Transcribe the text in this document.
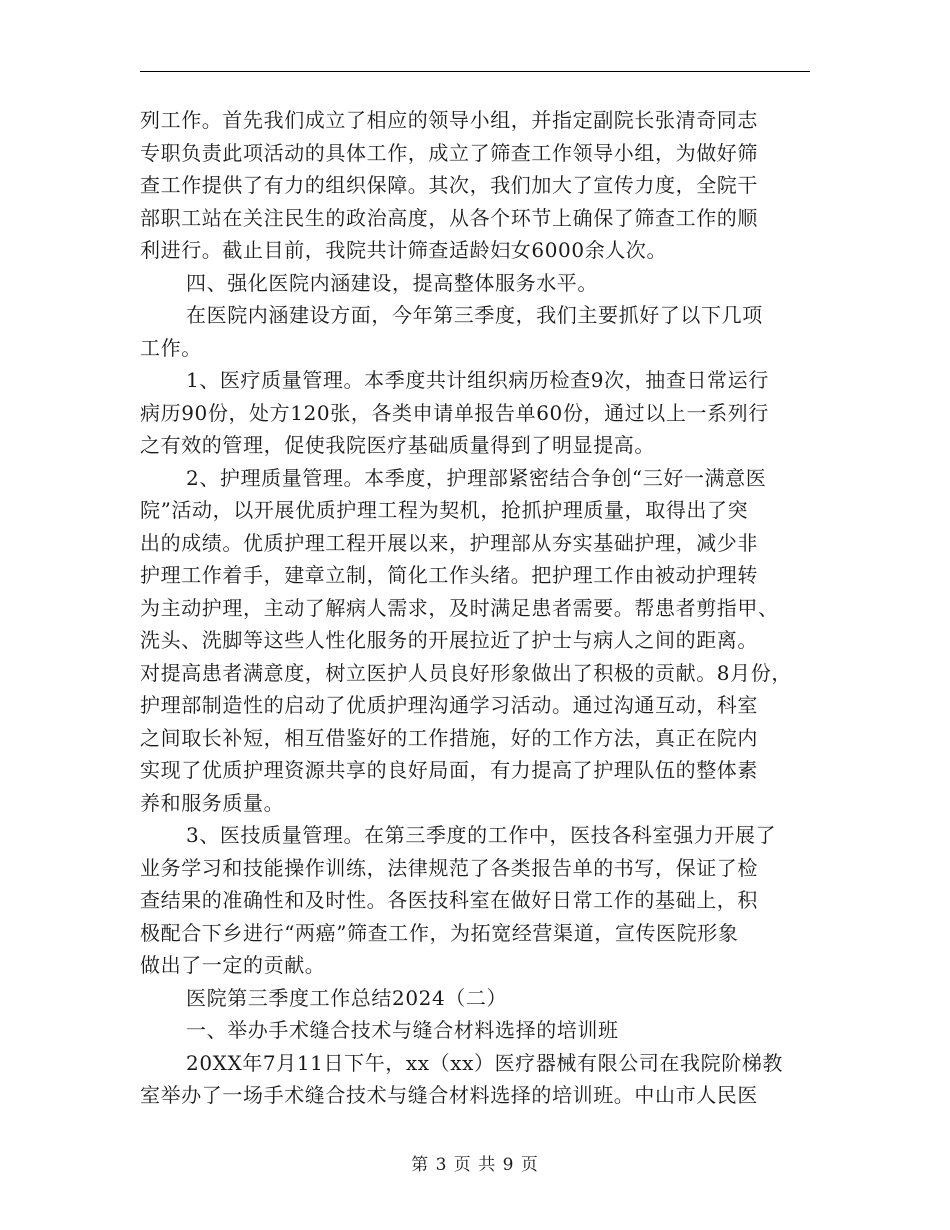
列工作。首先我们成立了相应的领导小组，并指定副院长张清奇同志
专职负责此项活动的具体工作，成立了筛查工作领导小组，为做好筛
查工作提供了有力的组织保障。其次，我们加大了宣传力度，全院干
部职工站在关注民生的政治高度，从各个环节上确保了筛查工作的顺
利进行。截止目前，我院共计筛查适龄妇女6000余人次。
四、强化医院内涵建设，提高整体服务水平。
在医院内涵建设方面，今年第三季度，我们主要抓好了以下几项
工作。
1、医疗质量管理。本季度共计组织病历检查9次，抽查日常运行
病历90份，处方120张，各类申请单报告单60份，通过以上一系列行
之有效的管理，促使我院医疗基础质量得到了明显提高。
2、护理质量管理。本季度，护理部紧密结合争创“三好一满意医
院”活动，以开展优质护理工程为契机，抢抓护理质量，取得出了突
出的成绩。优质护理工程开展以来，护理部从夯实基础护理，减少非
护理工作着手，建章立制，简化工作头绪。把护理工作由被动护理转
为主动护理，主动了解病人需求，及时满足患者需要。帮患者剪指甲、
洗头、洗脚等这些人性化服务的开展拉近了护士与病人之间的距离。
对提高患者满意度，树立医护人员良好形象做出了积极的贡献。8月份，
护理部制造性的启动了优质护理沟通学习活动。通过沟通互动，科室
之间取长补短，相互借鉴好的工作措施，好的工作方法，真正在院内
实现了优质护理资源共享的良好局面，有力提高了护理队伍的整体素
养和服务质量。
3、医技质量管理。在第三季度的工作中，医技各科室强力开展了
业务学习和技能操作训练，法律规范了各类报告单的书写，保证了检
查结果的准确性和及时性。各医技科室在做好日常工作的基础上，积
极配合下乡进行“两癌”筛查工作，为拓宽经营渠道，宣传医院形象
做出了一定的贡献。
医院第三季度工作总结2024（二）
一、举办手术缝合技术与缝合材料选择的培训班
20XX年7月11日下午，xx（xx）医疗器械有限公司在我院阶梯教
室举办了一场手术缝合技术与缝合材料选择的培训班。中山市人民医
第 3 页 共 9 页
